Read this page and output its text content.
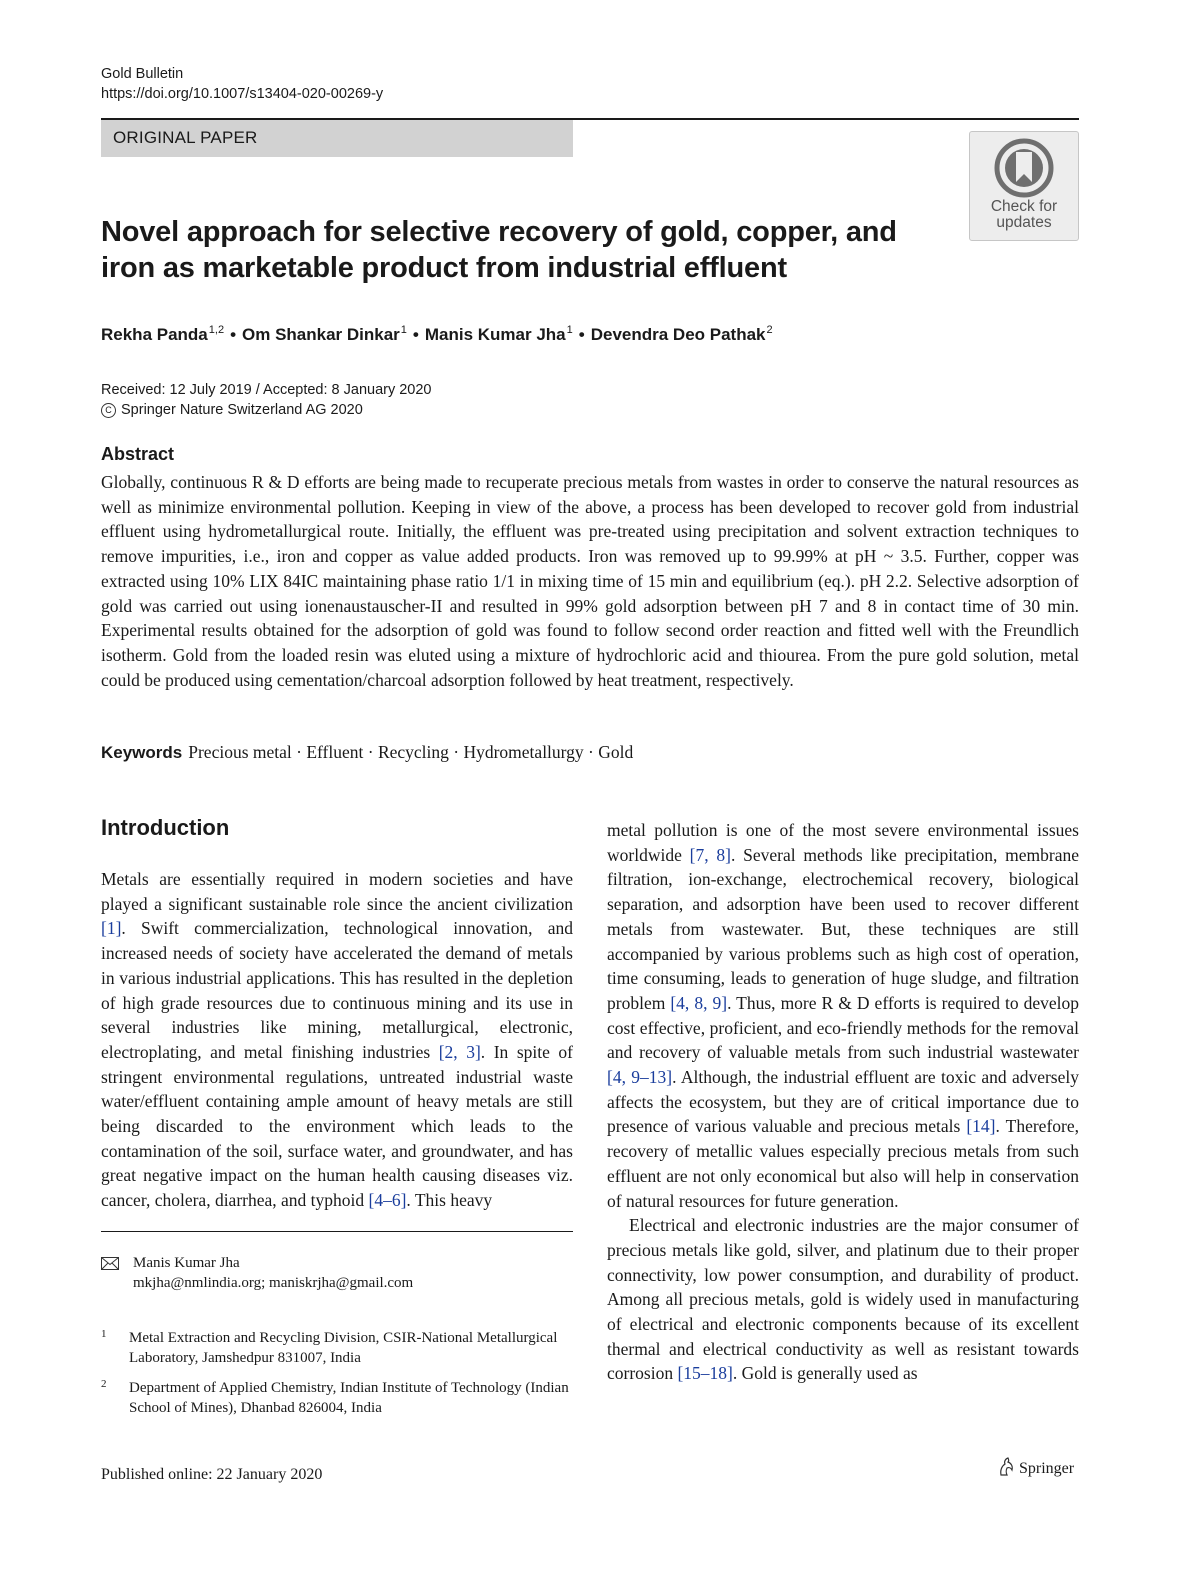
Gold Bulletin
https://doi.org/10.1007/s13404-020-00269-y
ORIGINAL PAPER
Check for
updates
Novel approach for selective recovery of gold, copper, and iron as marketable product from industrial effluent
Rekha Panda$^{1,2}$ • Om Shankar Dinkar$^1$ • Manis Kumar Jha$^1$ • Devendra Deo Pathak$^2$
Received: 12 July 2019 / Accepted: 8 January 2020
C Springer Nature Switzerland AG 2020
Abstract
Globally, continuous R & D efforts are being made to recuperate precious metals from wastes in order to conserve the natural resources as well as minimize environmental pollution. Keeping in view of the above, a process has been developed to recover gold from industrial effluent using hydrometallurgical route. Initially, the effluent was pre-treated using precipitation and solvent extraction techniques to remove impurities, i.e., iron and copper as value added products. Iron was removed up to 99.99% at pH ~ 3.5. Further, copper was extracted using 10% LIX 84IC maintaining phase ratio 1/1 in mixing time of 15 min and equilibrium (eq.). pH 2.2. Selective adsorption of gold was carried out using ionenaustauscher-II and resulted in 99% gold adsorption between pH 7 and 8 in contact time of 30 min. Experimental results obtained for the adsorption of gold was found to follow second order reaction and fitted well with the Freundlich isotherm. Gold from the loaded resin was eluted using a mixture of hydrochloric acid and thiourea. From the pure gold solution, metal could be produced using cementation/charcoal adsorption followed by heat treatment, respectively.
Keywords Precious metal · Effluent · Recycling · Hydrometallurgy · Gold
Introduction

Metals are essentially required in modern societies and have played a significant sustainable role since the ancient civilization [1]. Swift commercialization, technological innovation, and increased needs of society have accelerated the demand of metals in various industrial applications. This has resulted in the depletion of high grade resources due to continuous mining and its use in several industries like mining, metallurgical, electronic, electroplating, and metal finishing industries [2, 3]. In spite of stringent environmental regulations, untreated industrial waste water/effluent containing ample amount of heavy metals are still being discarded to the environment which leads to the contamination of the soil, surface water, and groundwater, and has great negative impact on the human health causing diseases viz. cancer, cholera, diarrhea, and typhoid [4–6]. This heavy

metal pollution is one of the most severe environmental issues worldwide [7, 8]. Several methods like precipitation, membrane filtration, ion-exchange, electrochemical recovery, biological separation, and adsorption have been used to recover different metals from wastewater. But, these techniques are still accompanied by various problems such as high cost of operation, time consuming, leads to generation of huge sludge, and filtration problem [4, 8, 9]. Thus, more R & D efforts is required to develop cost effective, proficient, and eco-friendly methods for the removal and recovery of valuable metals from such industrial wastewater [4, 9–13]. Although, the industrial effluent are toxic and adversely affects the ecosystem, but they are of critical importance due to presence of various valuable and precious metals [14]. Therefore, recovery of metallic values especially precious metals from such effluent are not only economical but also will help in conservation of natural resources for future generation.

Electrical and electronic industries are the major consumer of precious metals like gold, silver, and platinum due to their proper connectivity, low power consumption, and durability of product. Among all precious metals, gold is widely used in manufacturing of electrical and electronic components because of its excellent thermal and electrical conductivity as well as resistant towards corrosion [15–18]. Gold is generally used as

Manis Kumar Jha
mkjha@nmlindia.org; maniskrjha@gmail.com
1 Metal Extraction and Recycling Division, CSIR-National Metallurgical Laboratory, Jamshedpur 831007, India
2 Department of Applied Chemistry, Indian Institute of Technology (Indian School of Mines), Dhanbad 826004, India
Published online: 22 January 2020	Springer
